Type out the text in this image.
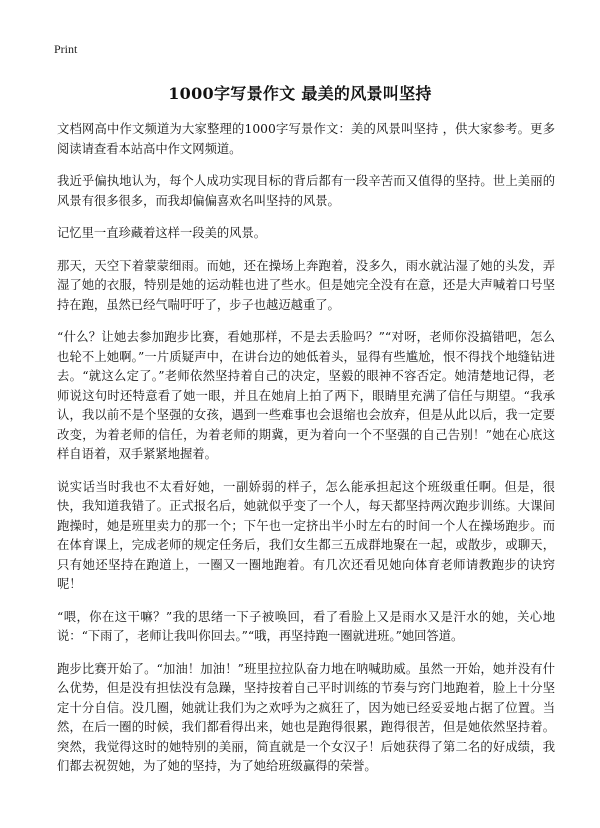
Print
1000字写景作文 最美的风景叫坚持

文档网高中作文频道为大家整理的1000字写景作文：美的风景叫坚持 ，供大家参考。更多阅读请查看本站高中作文网频道。

我近乎偏执地认为，每个人成功实现目标的背后都有一段辛苦而又值得的坚持。世上美丽的风景有很多很多，而我却偏偏喜欢名叫坚持的风景。

记忆里一直珍藏着这样一段美的风景。

那天，天空下着蒙蒙细雨。而她，还在操场上奔跑着，没多久，雨水就沾湿了她的头发，弄湿了她的衣服，特别是她的运动鞋也进了些水。但是她完全没有在意，还是大声喊着口号坚持在跑，虽然已经气喘吁吁了，步子也越迈越重了。

“什么？让她去参加跑步比赛，看她那样，不是去丢脸吗？”“对呀，老师你没搞错吧，怎么也轮不上她啊。”一片质疑声中，在讲台边的她低着头，显得有些尴尬，恨不得找个地缝钻进去。“就这么定了。”老师依然坚持着自己的决定，坚毅的眼神不容否定。她清楚地记得，老师说这句时还特意看了她一眼，并且在她肩上拍了两下，眼睛里充满了信任与期望。“我承认，我以前不是个坚强的女孩，遇到一些难事也会退缩也会放弃，但是从此以后，我一定要改变，为着老师的信任，为着老师的期冀，更为着向一个不坚强的自己告别！”她在心底这样自语着，双手紧紧地握着。

说实话当时我也不太看好她，一副娇弱的样子，怎么能承担起这个班级重任啊。但是，很快，我知道我错了。正式报名后，她就似乎变了一个人，每天都坚持两次跑步训练。大课间跑操时，她是班里卖力的那一个；下午也一定挤出半小时左右的时间一个人在操场跑步。而在体育课上，完成老师的规定任务后，我们女生都三五成群地聚在一起，或散步，或聊天，只有她还坚持在跑道上，一圈又一圈地跑着。有几次还看见她向体育老师请教跑步的诀窍呢！

“喂，你在这干嘛？”我的思绪一下子被唤回，看了看脸上又是雨水又是汗水的她，关心地说：“下雨了，老师让我叫你回去。”“哦，再坚持跑一圈就进班。”她回答道。

跑步比赛开始了。“加油！加油！”班里拉拉队奋力地在呐喊助威。虽然一开始，她并没有什么优势，但是没有担怯没有急躁，坚持按着自己平时训练的节奏与窍门地跑着，脸上十分坚定十分自信。没几圈，她就让我们为之欢呼为之疯狂了，因为她已经妥妥地占据了位置。当然，在后一圈的时候，我们都看得出来，她也是跑得很累，跑得很苦，但是她依然坚持着。突然，我觉得这时的她特别的美丽，简直就是一个女汉子！后她获得了第二名的好成绩，我们都去祝贺她，为了她的坚持，为了她给班级赢得的荣誉。
